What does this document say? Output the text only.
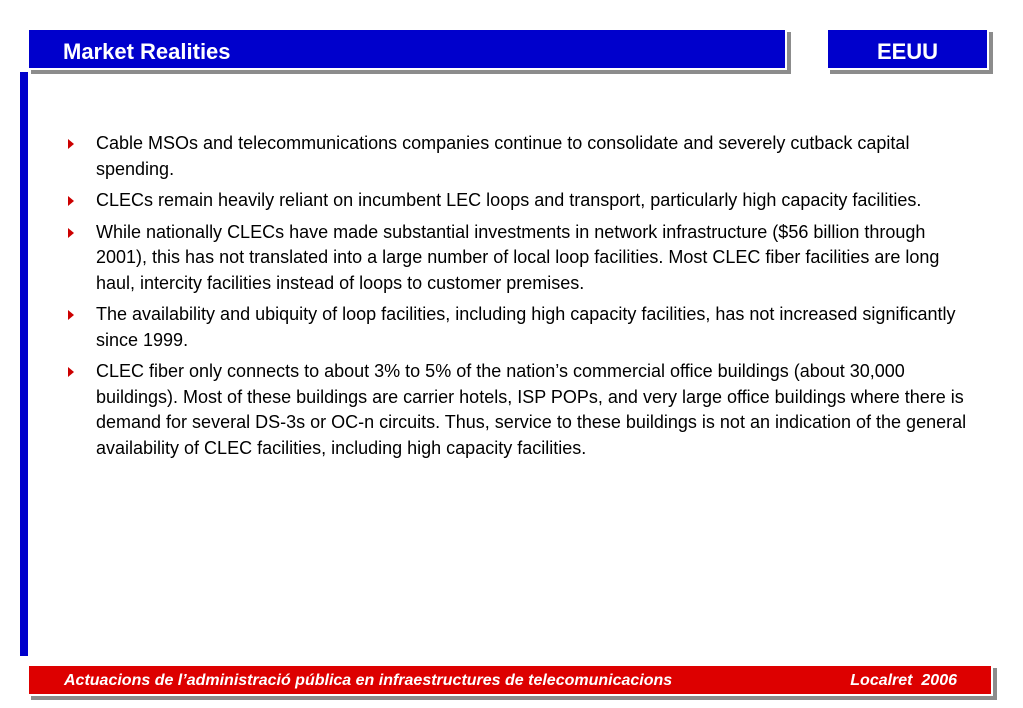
Market Realities	EEUU
Cable MSOs and telecommunications companies continue to consolidate and severely cutback capital spending.
CLECs remain heavily reliant on incumbent LEC loops and transport, particularly high capacity facilities.
While nationally CLECs have made substantial investments in network infrastructure ($56 billion through 2001), this has not translated into a large number of local loop facilities. Most CLEC fiber facilities are long haul, intercity facilities instead of loops to customer premises.
The availability and ubiquity of loop facilities, including high capacity facilities, has not increased significantly since 1999.
CLEC fiber only connects to about 3% to 5% of the nation’s commercial office buildings (about 30,000 buildings). Most of these buildings are carrier hotels, ISP POPs, and very large office buildings where there is demand for several DS-3s or OC-n circuits. Thus, service to these buildings is not an indication of the general availability of CLEC facilities, including high capacity facilities.
Actuacions de l’administració pública en infraestructures de telecomunicacions	Localret  2006
